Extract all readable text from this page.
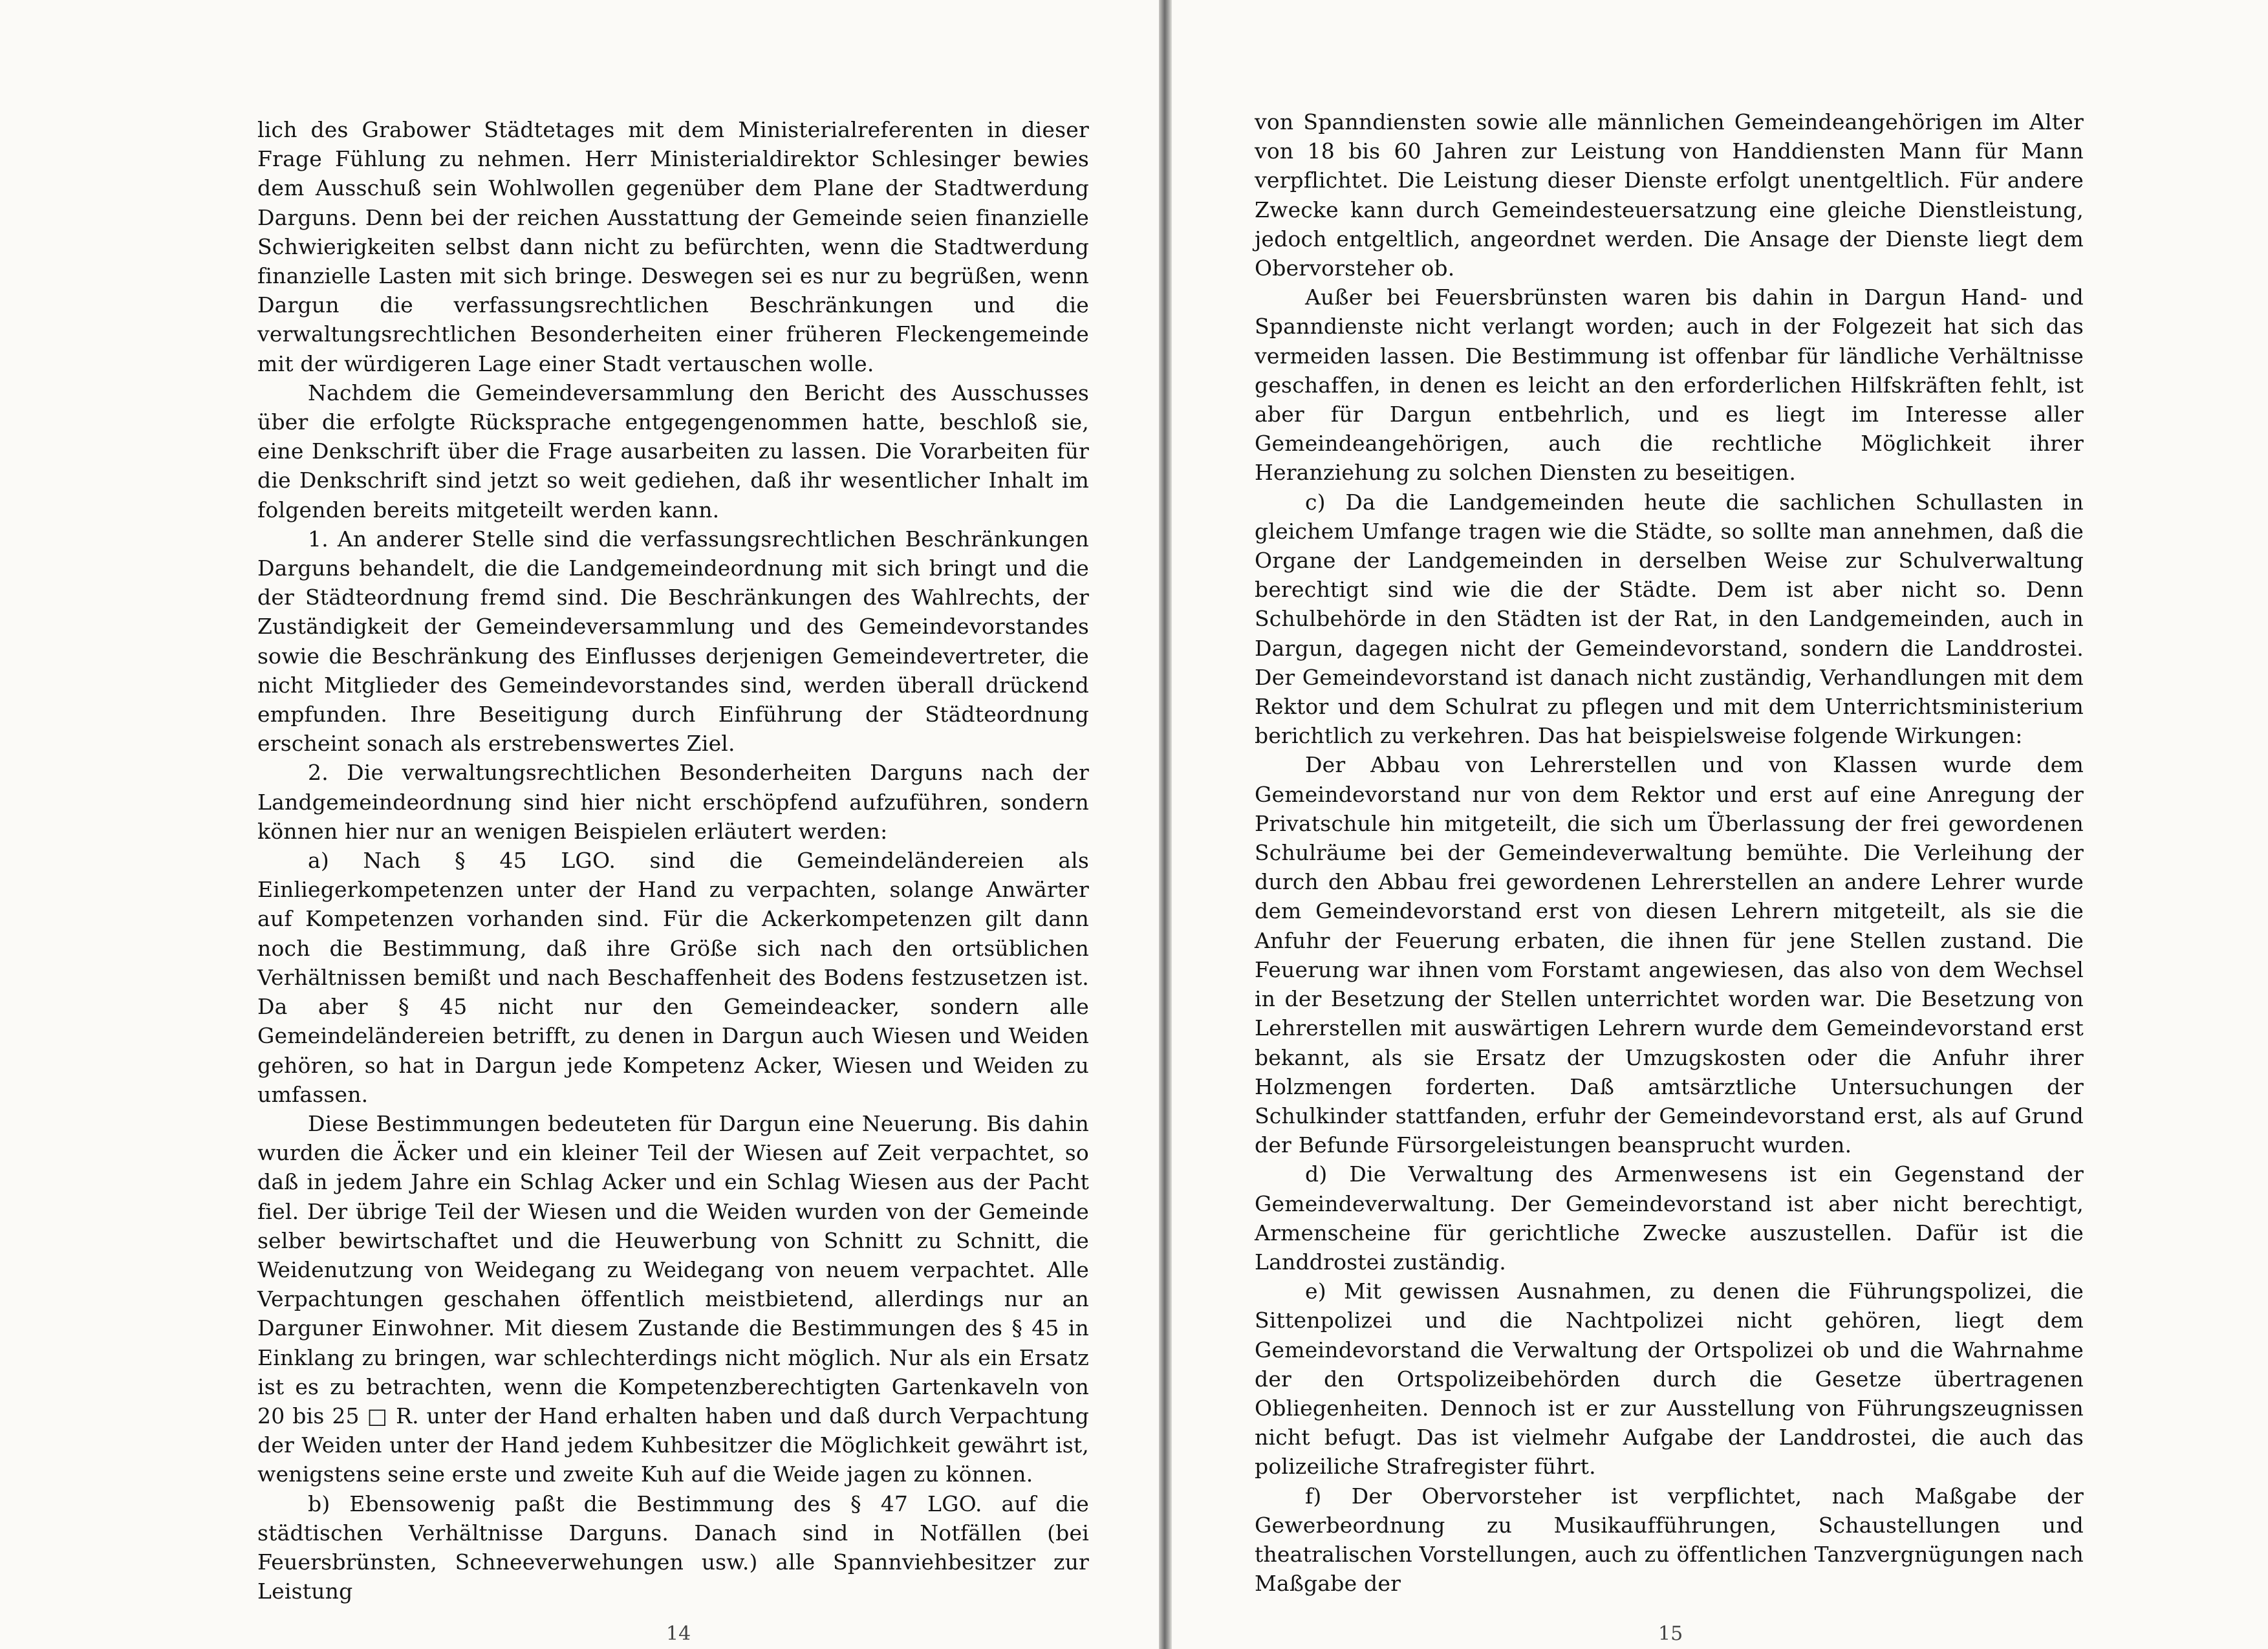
lich des Grabower Städtetages mit dem Ministerialreferenten in dieser Frage Fühlung zu nehmen. Herr Ministerialdirektor Schlesinger bewies dem Ausschuß sein Wohlwollen gegenüber dem Plane der Stadtwerdung Darguns. Denn bei der reichen Ausstattung der Gemeinde seien finanzielle Schwierigkeiten selbst dann nicht zu befürchten, wenn die Stadtwerdung finanzielle Lasten mit sich bringe. Deswegen sei es nur zu begrüßen, wenn Dargun die verfassungsrechtlichen Beschränkungen und die verwaltungsrechtlichen Besonderheiten einer früheren Fleckengemeinde mit der würdigeren Lage einer Stadt vertauschen wolle.

Nachdem die Gemeindeversammlung den Bericht des Ausschusses über die erfolgte Rücksprache entgegengenommen hatte, beschloß sie, eine Denkschrift über die Frage ausarbeiten zu lassen. Die Vorarbeiten für die Denkschrift sind jetzt so weit gediehen, daß ihr wesentlicher Inhalt im folgenden bereits mitgeteilt werden kann.

1. An anderer Stelle sind die verfassungsrechtlichen Beschränkungen Darguns behandelt, die die Landgemeindeordnung mit sich bringt und die der Städteordnung fremd sind. Die Beschränkungen des Wahlrechts, der Zuständigkeit der Gemeindeversammlung und des Gemeindevorstandes sowie die Beschränkung des Einflusses derjenigen Gemeindevertreter, die nicht Mitglieder des Gemeindevorstandes sind, werden überall drückend empfunden. Ihre Beseitigung durch Einführung der Städteordnung erscheint sonach als erstrebenswertes Ziel.

2. Die verwaltungsrechtlichen Besonderheiten Darguns nach der Landgemeindeordnung sind hier nicht erschöpfend aufzuführen, sondern können hier nur an wenigen Beispielen erläutert werden:

a) Nach § 45 LGO. sind die Gemeindeländereien als Einliegerkompetenzen unter der Hand zu verpachten, solange Anwärter auf Kompetenzen vorhanden sind. Für die Ackerkompetenzen gilt dann noch die Bestimmung, daß ihre Größe sich nach den ortsüblichen Verhältnissen bemißt und nach Beschaffenheit des Bodens festzusetzen ist. Da aber § 45 nicht nur den Gemeindeacker, sondern alle Gemeindeländereien betrifft, zu denen in Dargun auch Wiesen und Weiden gehören, so hat in Dargun jede Kompetenz Acker, Wiesen und Weiden zu umfassen.

Diese Bestimmungen bedeuteten für Dargun eine Neuerung. Bis dahin wurden die Äcker und ein kleiner Teil der Wiesen auf Zeit verpachtet, so daß in jedem Jahre ein Schlag Acker und ein Schlag Wiesen aus der Pacht fiel. Der übrige Teil der Wiesen und die Weiden wurden von der Gemeinde selber bewirtschaftet und die Heuwerbung von Schnitt zu Schnitt, die Weidenutzung von Weidegang zu Weidegang von neuem verpachtet. Alle Verpachtungen geschahen öffentlich meistbietend, allerdings nur an Darguner Einwohner. Mit diesem Zustande die Bestimmungen des § 45 in Einklang zu bringen, war schlechterdings nicht möglich. Nur als ein Ersatz ist es zu betrachten, wenn die Kompetenzberechtigten Gartenkaveln von 20 bis 25 □ R. unter der Hand erhalten haben und daß durch Verpachtung der Weiden unter der Hand jedem Kuhbesitzer die Möglichkeit gewährt ist, wenigstens seine erste und zweite Kuh auf die Weide jagen zu können.

b) Ebensowenig paßt die Bestimmung des § 47 LGO. auf die städtischen Verhältnisse Darguns. Danach sind in Notfällen (bei Feuersbrünsten, Schneeverwehungen usw.) alle Spannviehbesitzer zur Leistung

14

von Spanndiensten sowie alle männlichen Gemeindeangehörigen im Alter von 18 bis 60 Jahren zur Leistung von Handdiensten Mann für Mann verpflichtet. Die Leistung dieser Dienste erfolgt unentgeltlich. Für andere Zwecke kann durch Gemeindesteuersatzung eine gleiche Dienstleistung, jedoch entgeltlich, angeordnet werden. Die Ansage der Dienste liegt dem Obervorsteher ob.

Außer bei Feuersbrünsten waren bis dahin in Dargun Hand- und Spanndienste nicht verlangt worden; auch in der Folgezeit hat sich das vermeiden lassen. Die Bestimmung ist offenbar für ländliche Verhältnisse geschaffen, in denen es leicht an den erforderlichen Hilfskräften fehlt, ist aber für Dargun entbehrlich, und es liegt im Interesse aller Gemeindeangehörigen, auch die rechtliche Möglichkeit ihrer Heranziehung zu solchen Diensten zu beseitigen.

c) Da die Landgemeinden heute die sachlichen Schullasten in gleichem Umfange tragen wie die Städte, so sollte man annehmen, daß die Organe der Landgemeinden in derselben Weise zur Schulverwaltung berechtigt sind wie die der Städte. Dem ist aber nicht so. Denn Schulbehörde in den Städten ist der Rat, in den Landgemeinden, auch in Dargun, dagegen nicht der Gemeindevorstand, sondern die Landdrostei. Der Gemeindevorstand ist danach nicht zuständig, Verhandlungen mit dem Rektor und dem Schulrat zu pflegen und mit dem Unterrichtsministerium berichtlich zu verkehren. Das hat beispielsweise folgende Wirkungen:

Der Abbau von Lehrerstellen und von Klassen wurde dem Gemeindevorstand nur von dem Rektor und erst auf eine Anregung der Privatschule hin mitgeteilt, die sich um Überlassung der frei gewordenen Schulräume bei der Gemeindeverwaltung bemühte. Die Verleihung der durch den Abbau frei gewordenen Lehrerstellen an andere Lehrer wurde dem Gemeindevorstand erst von diesen Lehrern mitgeteilt, als sie die Anfuhr der Feuerung erbaten, die ihnen für jene Stellen zustand. Die Feuerung war ihnen vom Forstamt angewiesen, das also von dem Wechsel in der Besetzung der Stellen unterrichtet worden war. Die Besetzung von Lehrerstellen mit auswärtigen Lehrern wurde dem Gemeindevorstand erst bekannt, als sie Ersatz der Umzugskosten oder die Anfuhr ihrer Holzmengen forderten. Daß amtsärztliche Untersuchungen der Schulkinder stattfanden, erfuhr der Gemeindevorstand erst, als auf Grund der Befunde Fürsorgeleistungen beansprucht wurden.

d) Die Verwaltung des Armenwesens ist ein Gegenstand der Gemeindeverwaltung. Der Gemeindevorstand ist aber nicht berechtigt, Armenscheine für gerichtliche Zwecke auszustellen. Dafür ist die Landdrostei zuständig.

e) Mit gewissen Ausnahmen, zu denen die Führungspolizei, die Sittenpolizei und die Nachtpolizei nicht gehören, liegt dem Gemeindevorstand die Verwaltung der Ortspolizei ob und die Wahrnahme der den Ortspolizeibehörden durch die Gesetze übertragenen Obliegenheiten. Dennoch ist er zur Ausstellung von Führungszeugnissen nicht befugt. Das ist vielmehr Aufgabe der Landdrostei, die auch das polizeiliche Strafregister führt.

f) Der Obervorsteher ist verpflichtet, nach Maßgabe der Gewerbeordnung zu Musikaufführungen, Schaustellungen und theatralischen Vorstellungen, auch zu öffentlichen Tanzvergnügungen nach Maßgabe der

15
